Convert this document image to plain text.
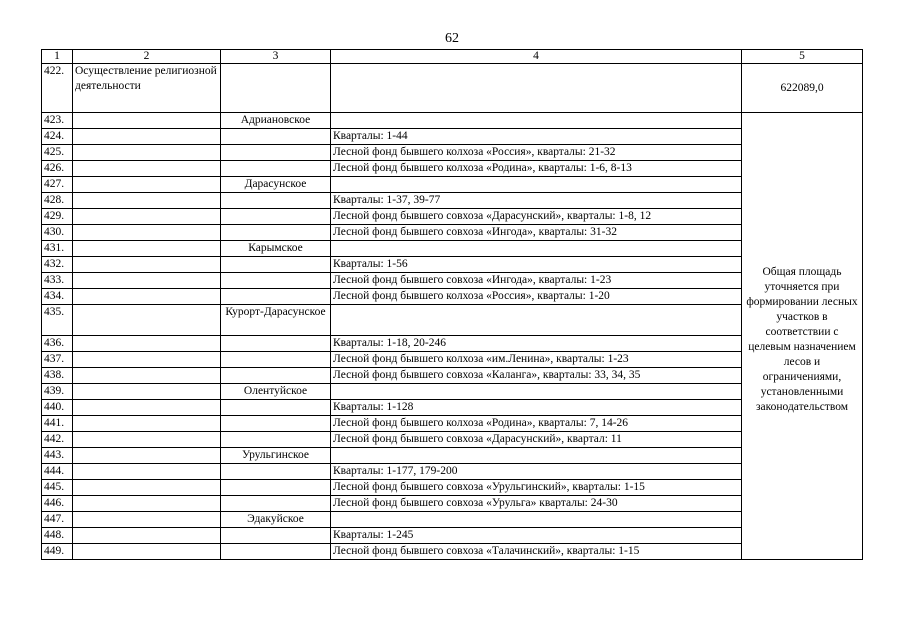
62
1	2	3	4	5
422.	Осуществление религиозной деятельности			622089,0
423.		Адриановское		Общая площадь уточняется при формировании лесных участков в соответствии с целевым назначением лесов и ограничениями, установленными законодательством
424.			Кварталы: 1-44	
425.			Лесной фонд бывшего колхоза «Россия», кварталы: 21-32	
426.			Лесной фонд бывшего колхоза «Родина», кварталы: 1-6, 8-13	
427.		Дарасунское		
428.			Кварталы: 1-37, 39-77	
429.			Лесной фонд бывшего совхоза «Дарасунский», кварталы: 1-8, 12	
430.			Лесной фонд бывшего совхоза «Ингода», кварталы: 31-32	
431.		Карымское		
432.			Кварталы: 1-56	
433.			Лесной фонд бывшего совхоза «Ингода», кварталы: 1-23	
434.			Лесной фонд бывшего колхоза «Россия», кварталы: 1-20	
435.		Курорт-Дарасунское		
436.			Кварталы: 1-18, 20-246	
437.			Лесной фонд бывшего колхоза «им.Ленина», кварталы: 1-23	
438.			Лесной фонд бывшего совхоза «Каланга», кварталы: 33, 34, 35	
439.		Олентуйское		
440.			Кварталы: 1-128	
441.			Лесной фонд бывшего колхоза «Родина», кварталы: 7, 14-26	
442.			Лесной фонд бывшего совхоза «Дарасунский», квартал: 11	
443.		Урульгинское		
444.			Кварталы: 1-177, 179-200	
445.			Лесной фонд бывшего совхоза «Урульгинский», кварталы: 1-15	
446.			Лесной фонд бывшего совхоза «Урульга» кварталы: 24-30	
447.		Эдакуйское		
448.			Кварталы: 1-245	
449.			Лесной фонд бывшего совхоза «Талачинский», кварталы: 1-15	
